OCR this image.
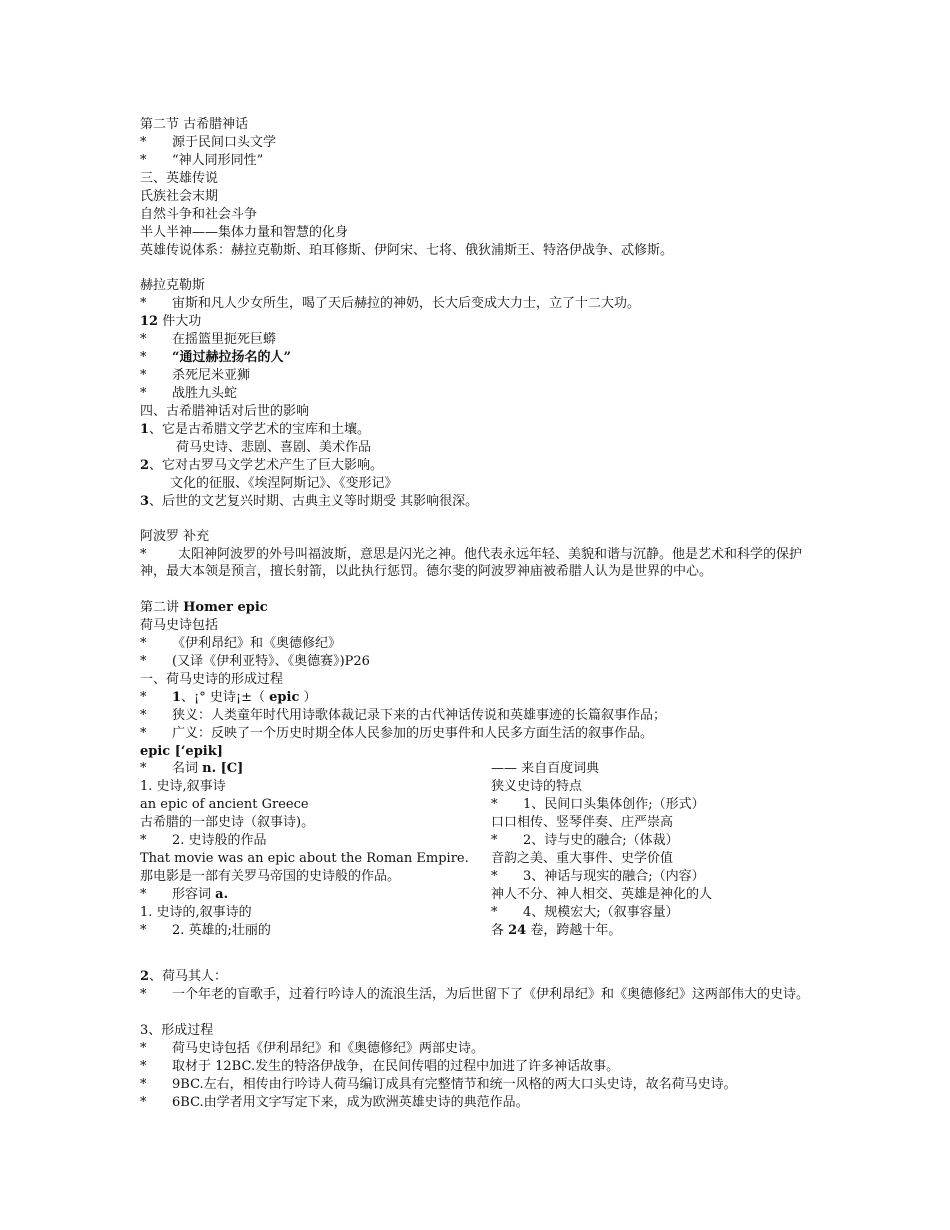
第二节 古希腊神话
* 源于民间口头文学
* “神人同形同性”
三、英雄传说
氏族社会末期
自然斗争和社会斗争
半人半神——集体力量和智慧的化身
英雄传说体系：赫拉克勒斯、珀耳修斯、伊阿宋、七将、俄狄浦斯王、特洛伊战争、忒修斯。
赫拉克勒斯
* 宙斯和凡人少女所生，喝了天后赫拉的神奶，长大后变成大力士，立了十二大功。
12 件大功
* 在摇篮里扼死巨蟒
* “通过赫拉扬名的人”
* 杀死尼米亚狮
* 战胜九头蛇
四、古希腊神话对后世的影响
1、它是古希腊文学艺术的宝库和土壤。
荷马史诗、悲剧、喜剧、美术作品
2、它对古罗马文学艺术产生了巨大影响。
文化的征服、《埃涅阿斯记》、《变形记》
3、后世的文艺复兴时期、古典主义等时期受 其影响很深。
阿波罗 补充
* 太阳神阿波罗的外号叫福波斯，意思是闪光之神。他代表永远年轻、美貌和谐与沉静。他是艺术和科学的保护神，最大本领是预言，擅长射箭，以此执行惩罚。德尔斐的阿波罗神庙被希腊人认为是世界的中心。
第二讲 Homer epic
荷马史诗包括
* 《伊利昂纪》和《奥德修纪》
* (又译《伊利亚特》、《奥德赛》)P26
一、荷马史诗的形成过程
* 1、¡° 史诗¡±（ epic ）
* 狭义：人类童年时代用诗歌体裁记录下来的古代神话传说和英雄事迹的长篇叙事作品；
* 广义：反映了一个历史时期全体人民参加的历史事件和人民多方面生活的叙事作品。
epic [‘epik]
* 名词 n. [C]
1. 史诗,叙事诗
an epic of ancient Greece
古希腊的一部史诗（叙事诗)。
* 2. 史诗般的作品
That movie was an epic about the Roman Empire.
那电影是一部有关罗马帝国的史诗般的作品。
* 形容词 a.
1. 史诗的,叙事诗的
* 2. 英雄的;壮丽的
—— 来自百度词典
狭义史诗的特点
* 1、民间口头集体创作;（形式）
口口相传、竖琴伴奏、庄严崇高
* 2、诗与史的融合;（体裁）
音韵之美、重大事件、史学价值
* 3、神话与现实的融合;（内容）
神人不分、神人相交、英雄是神化的人
* 4、规模宏大;（叙事容量）
各 24 卷，跨越十年。
2、荷马其人：
* 一个年老的盲歌手，过着行吟诗人的流浪生活，为后世留下了《伊利昂纪》和《奥德修纪》这两部伟大的史诗。
3、形成过程
* 荷马史诗包括《伊利昂纪》和《奥德修纪》两部史诗。
* 取材于 12BC.发生的特洛伊战争，在民间传唱的过程中加进了许多神话故事。
* 9BC.左右，相传由行吟诗人荷马编订成具有完整情节和统一风格的两大口头史诗，故名荷马史诗。
* 6BC.由学者用文字写定下来，成为欧洲英雄史诗的典范作品。
